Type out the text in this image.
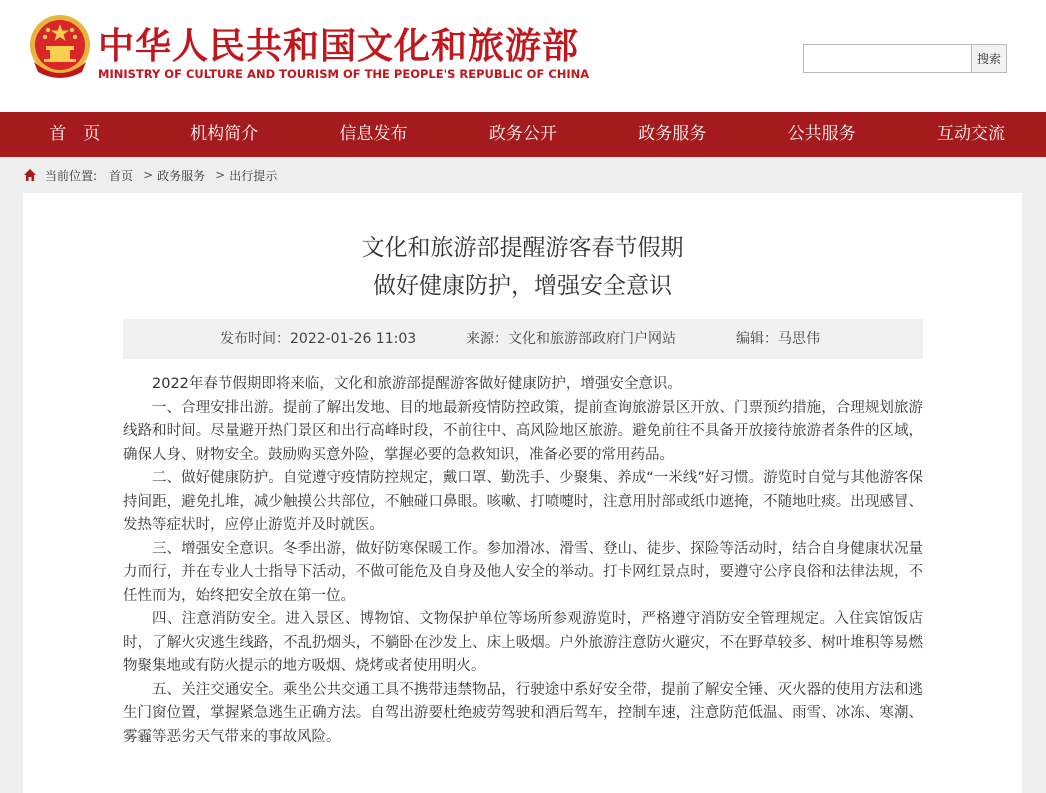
中华人民共和国文化和旅游部
MINISTRY OF CULTURE AND TOURISM OF THE PEOPLE'S REPUBLIC OF CHINA
搜索
首　页	机构简介	信息发布	政务公开	政务服务	公共服务	互动交流
当前位置: 首页 > 政务服务 > 出行提示
文化和旅游部提醒游客春节假期
做好健康防护，增强安全意识
发布时间：2022-01-26 11:03	来源：文化和旅游部政府门户网站	编辑：马思伟

2022年春节假期即将来临，文化和旅游部提醒游客做好健康防护，增强安全意识。

一、合理安排出游。提前了解出发地、目的地最新疫情防控政策，提前查询旅游景区开放、门票预约措施，合理规划旅游线路和时间。尽量避开热门景区和出行高峰时段，不前往中、高风险地区旅游。避免前往不具备开放接待旅游者条件的区域，确保人身、财物安全。鼓励购买意外险，掌握必要的急救知识，准备必要的常用药品。

二、做好健康防护。自觉遵守疫情防控规定，戴口罩、勤洗手、少聚集、养成“一米线”好习惯。游览时自觉与其他游客保持间距，避免扎堆，减少触摸公共部位，不触碰口鼻眼。咳嗽、打喷嚏时，注意用肘部或纸巾遮掩，不随地吐痰。出现感冒、发热等症状时，应停止游览并及时就医。

三、增强安全意识。冬季出游，做好防寒保暖工作。参加滑冰、滑雪、登山、徒步、探险等活动时，结合自身健康状况量力而行，并在专业人士指导下活动，不做可能危及自身及他人安全的举动。打卡网红景点时，要遵守公序良俗和法律法规，不任性而为，始终把安全放在第一位。

四、注意消防安全。进入景区、博物馆、文物保护单位等场所参观游览时，严格遵守消防安全管理规定。入住宾馆饭店时，了解火灾逃生线路，不乱扔烟头，不躺卧在沙发上、床上吸烟。户外旅游注意防火避灾，不在野草较多、树叶堆积等易燃物聚集地或有防火提示的地方吸烟、烧烤或者使用明火。

五、关注交通安全。乘坐公共交通工具不携带违禁物品，行驶途中系好安全带，提前了解安全锤、灭火器的使用方法和逃生门窗位置，掌握紧急逃生正确方法。自驾出游要杜绝疲劳驾驶和酒后驾车，控制车速，注意防范低温、雨雪、冰冻、寒潮、雾霾等恶劣天气带来的事故风险。
